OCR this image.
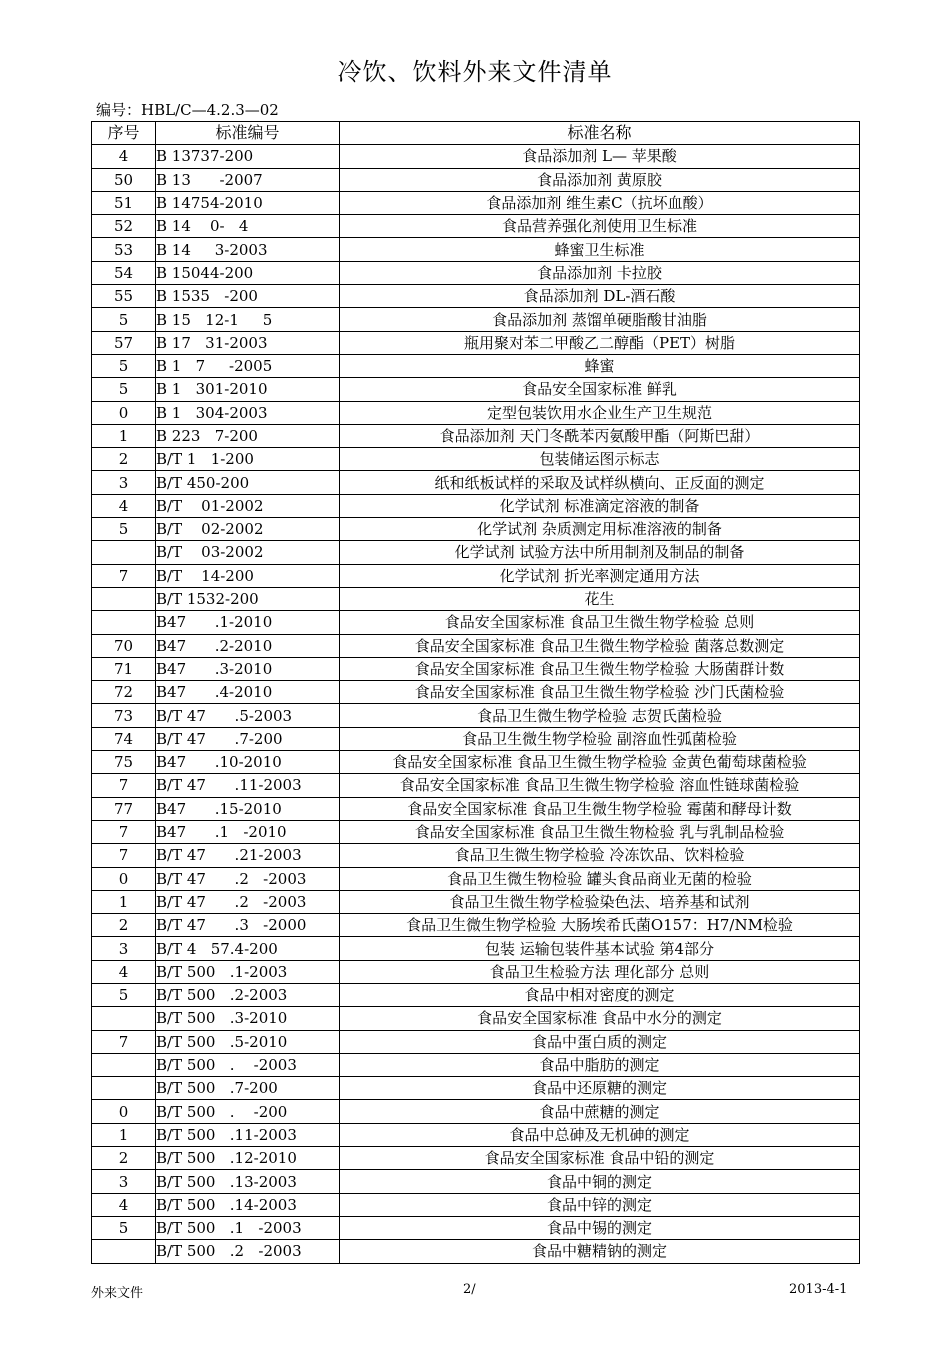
冷饮、饮料外来文件清单
编号：HBL/C—4.2.3—02
序号	标准编号	标准名称
4	B 13737-200	食品添加剂 L— 苹果酸
50	B 13      -2007	食品添加剂 黄原胶
51	B 14754-2010	食品添加剂 维生素C（抗坏血酸）
52	B 14    0-   4	食品营养强化剂使用卫生标准
53	B 14     3-2003	蜂蜜卫生标准
54	B 15044-200	食品添加剂 卡拉胶
55	B 1535   -200	食品添加剂 DL-酒石酸
5	B 15   12-1     5	食品添加剂 蒸馏单硬脂酸甘油脂
57	B 17   31-2003	瓶用聚对苯二甲酸乙二醇酯（PET）树脂
5	B 1   7     -2005	蜂蜜
5	B 1   301-2010	食品安全国家标准 鲜乳
0	B 1   304-2003	定型包装饮用水企业生产卫生规范
1	B 223   7-200	食品添加剂 天门冬酰苯丙氨酸甲酯（阿斯巴甜）
2	B/T 1   1-200	包装储运图示标志
3	B/T 450-200	纸和纸板试样的采取及试样纵横向、正反面的测定
4	B/T    01-2002	化学试剂 标准滴定溶液的制备
5	B/T    02-2002	化学试剂 杂质测定用标准溶液的制备
	B/T    03-2002	化学试剂 试验方法中所用制剂及制品的制备
7	B/T    14-200	化学试剂 折光率测定通用方法
	B/T 1532-200	花生
	B47      .1-2010	食品安全国家标准 食品卫生微生物学检验 总则
70	B47      .2-2010	食品安全国家标准 食品卫生微生物学检验 菌落总数测定
71	B47      .3-2010	食品安全国家标准 食品卫生微生物学检验 大肠菌群计数
72	B47      .4-2010	食品安全国家标准 食品卫生微生物学检验 沙门氏菌检验
73	B/T 47      .5-2003	食品卫生微生物学检验 志贺氏菌检验
74	B/T 47      .7-200	食品卫生微生物学检验 副溶血性弧菌检验
75	B47      .10-2010	食品安全国家标准 食品卫生微生物学检验 金黄色葡萄球菌检验
7	B/T 47      .11-2003	食品安全国家标准 食品卫生微生物学检验 溶血性链球菌检验
77	B47      .15-2010	食品安全国家标准 食品卫生微生物学检验 霉菌和酵母计数
7	B47      .1   -2010	食品安全国家标准 食品卫生微生物检验 乳与乳制品检验
7	B/T 47      .21-2003	食品卫生微生物学检验 冷冻饮品、饮料检验
0	B/T 47      .2   -2003	食品卫生微生物检验 罐头食品商业无菌的检验
1	B/T 47      .2   -2003	食品卫生微生物学检验染色法、培养基和试剂
2	B/T 47      .3   -2000	食品卫生微生物学检验 大肠埃希氏菌O157：H7/NM检验
3	B/T 4   57.4-200	包装 运输包装件基本试验 第4部分
4	B/T 500   .1-2003	食品卫生检验方法 理化部分 总则
5	B/T 500   .2-2003	食品中相对密度的测定
	B/T 500   .3-2010	食品安全国家标准 食品中水分的测定
7	B/T 500   .5-2010	食品中蛋白质的测定
	B/T 500   .    -2003	食品中脂肪的测定
	B/T 500   .7-200	食品中还原糖的测定
0	B/T 500   .    -200	食品中蔗糖的测定
1	B/T 500   .11-2003	食品中总砷及无机砷的测定
2	B/T 500   .12-2010	食品安全国家标准 食品中铅的测定
3	B/T 500   .13-2003	食品中铜的测定
4	B/T 500   .14-2003	食品中锌的测定
5	B/T 500   .1   -2003	食品中锡的测定
	B/T 500   .2   -2003	食品中糖精钠的测定
外来文件	2/	2013-4-1
